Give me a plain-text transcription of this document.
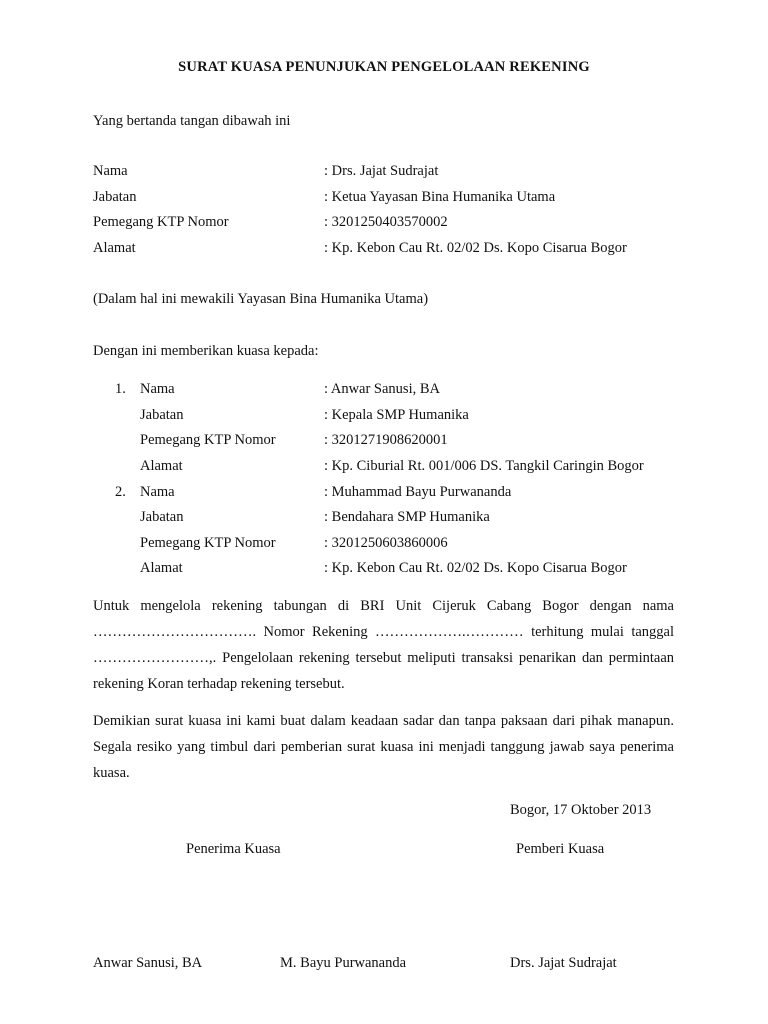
SURAT KUASA PENUNJUKAN PENGELOLAAN REKENING
Yang bertanda tangan dibawah ini
Nama	: Drs. Jajat Sudrajat
Jabatan	: Ketua Yayasan Bina Humanika Utama
Pemegang KTP Nomor	: 3201250403570002
Alamat	: Kp. Kebon Cau Rt. 02/02 Ds. Kopo Cisarua Bogor
(Dalam hal ini mewakili Yayasan Bina Humanika Utama)
Dengan ini memberikan kuasa kepada:
1. Nama	: Anwar Sanusi, BA
Jabatan	: Kepala SMP Humanika
Pemegang KTP Nomor	: 3201271908620001
Alamat	: Kp. Ciburial Rt. 001/006 DS. Tangkil Caringin Bogor
2. Nama	: Muhammad Bayu Purwananda
Jabatan	: Bendahara SMP Humanika
Pemegang KTP Nomor	: 3201250603860006
Alamat	: Kp. Kebon Cau Rt. 02/02 Ds. Kopo Cisarua Bogor

Untuk mengelola rekening tabungan di BRI Unit Cijeruk Cabang Bogor dengan nama ……………………………. Nomor Rekening ……………….………… terhitung mulai tanggal ……………………,. Pengelolaan rekening tersebut meliputi transaksi penarikan dan permintaan rekening Koran terhadap rekening tersebut.

Demikian surat kuasa ini kami buat dalam keadaan sadar dan tanpa paksaan dari pihak manapun. Segala resiko yang timbul dari pemberian surat kuasa ini menjadi tanggung jawab saya penerima kuasa.

Bogor, 17 Oktober 2013
Penerima Kuasa	Pemberi Kuasa
Anwar Sanusi, BA	M. Bayu Purwananda	Drs. Jajat Sudrajat
